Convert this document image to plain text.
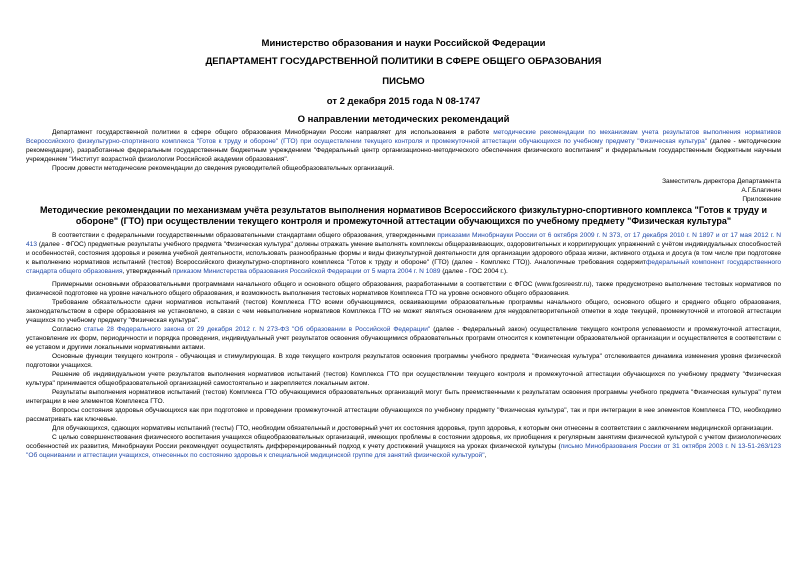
Министерство образования и науки Российской Федерации
ДЕПАРТАМЕНТ ГОСУДАРСТВЕННОЙ ПОЛИТИКИ В СФЕРЕ ОБЩЕГО ОБРАЗОВАНИЯ
ПИСЬМО
от 2 декабря 2015 года N 08-1747
О направлении методических рекомендаций

Департамент государственной политики в сфере общего образования Минобрнауки России направляет для использования в работе методические рекомендации по механизмам учета результатов выполнения нормативов Всероссийского физкультурно-спортивного комплекса "Готов к труду и обороне" (ГТО) при осуществлении текущего контроля и промежуточной аттестации обучающихся по учебному предмету "Физическая культура" (далее - методические рекомендации), разработанные федеральным государственным бюджетным учреждением "Федеральный центр организационно-методического обеспечения физического воспитания" и федеральным государственным бюджетным научным учреждением "Институт возрастной физиологии Российской академии образования".

Просим довести методические рекомендации до сведения руководителей общеобразовательных организаций.

Заместитель директора Департамента

А.Г.Благинин

Приложение

Методические рекомендации по механизмам учёта результатов выполнения нормативов Всероссийского физкультурно-спортивного комплекса "Готов к труду и обороне" (ГТО) при осуществлении текущего контроля и промежуточной аттестации обучающихся по учебному предмету "Физическая культура"

В соответствии с федеральными государственными образовательными стандартами общего образования, утвержденными приказами Минобрнауки России от 6 октября 2009 г. N 373, от 17 декабря 2010 г. N 1897 и от 17 мая 2012 г. N 413 (далее - ФГОС) предметные результаты учебного предмета "Физическая культура" должны отражать умение выполнять комплексы общеразвивающих, оздоровительных и корригирующих упражнений с учётом индивидуальных способностей и особенностей, состояния здоровья и режима учебной деятельности, использовать разнообразные формы и виды физкультурной деятельности для организации здорового образа жизни, активного отдыха и досуга (в том числе при подготовке к выполнению нормативов испытаний (тестов) Всероссийского физкультурно-спортивного комплекса "Готов к труду и обороне" (ГТО) (далее - Комплекс ГТО)). Аналогичные требования содержитфедеральный компонент государственного стандарта общего образования, утвержденный приказом Министерства образования Российской Федерации от 5 марта 2004 г. N 1089 (далее - ГОС 2004 г.).

Примерными основными образовательными программами начального общего и основного общего образования, разработанными в соответствии с ФГОС (www.fgosreestr.ru), также предусмотрено выполнение тестовых нормативов по физической подготовке на уровне начального общего образования, и возможность выполнения тестовых нормативов Комплекса ГТО на уровне основного общего образования.

Требование обязательности сдачи нормативов испытаний (тестов) Комплекса ГТО всеми обучающимися, осваивающими образовательные программы начального общего, основного общего и среднего общего образования, законодательством в сфере образования не установлено, в связи с чем невыполнение нормативов Комплекса ГТО не может являться основанием для неудовлетворительной отметки в ходе текущей, промежуточной и итоговой аттестации учащихся по учебному предмету "Физическая культура".

Согласно статье 28 Федерального закона от 29 декабря 2012 г. N 273-ФЗ "Об образовании в Российской Федерации" (далее - Федеральный закон) осуществление текущего контроля успеваемости и промежуточной аттестации, установление их форм, периодичности и порядка проведения, индивидуальный учет результатов освоения обучающимися образовательных программ относится к компетенции образовательной организации и осуществляется в соответствии с ее уставом и другими локальными нормативными актами.

Основные функции текущего контроля - обучающая и стимулирующая. В ходе текущего контроля результатов освоения программы учебного предмета "Физическая культура" отслеживается динамика изменения уровня физической подготовки учащихся.

Решение об индивидуальном учете результатов выполнения нормативов испытаний (тестов) Комплекса ГТО при осуществлении текущего контроля и промежуточной аттестации обучающихся по учебному предмету "Физическая культура" принимается общеобразовательной организацией самостоятельно и закрепляется локальным актом.

Результаты выполнения нормативов испытаний (тестов) Комплекса ГТО обучающимися образовательных организаций могут быть преемственными к результатам освоения программы учебного предмета "Физическая культура" путем интеграции в нее элементов Комплекса ГТО.

Вопросы состояния здоровья обучающихся как при подготовке и проведении промежуточной аттестации обучающихся по учебному предмету "Физическая культура", так и при интеграции в нее элементов Комплекса ГТО, необходимо рассматривать как ключевые.

Для обучающихся, сдающих нормативы испытаний (тесты) ГТО, необходим обязательный и достоверный учет их состояния здоровья, групп здоровья, к которым они отнесены в соответствии с заключением медицинской организации.

С целью совершенствования физического воспитания учащихся общеобразовательных организаций, имеющих проблемы в состоянии здоровья, их приобщения к регулярным занятиям физической культурой с учетом физиологических особенностей их развития, Минобрнауки России рекомендует осуществлять дифференцированный подход к учету достижений учащихся на уроках физической культуры (письмо Минобразования России от 31 октября 2003 г. N 13-51-263/123 "Об оценивании и аттестации учащихся, отнесенных по состоянию здоровья к специальной медицинской группе для занятий физической культурой",
